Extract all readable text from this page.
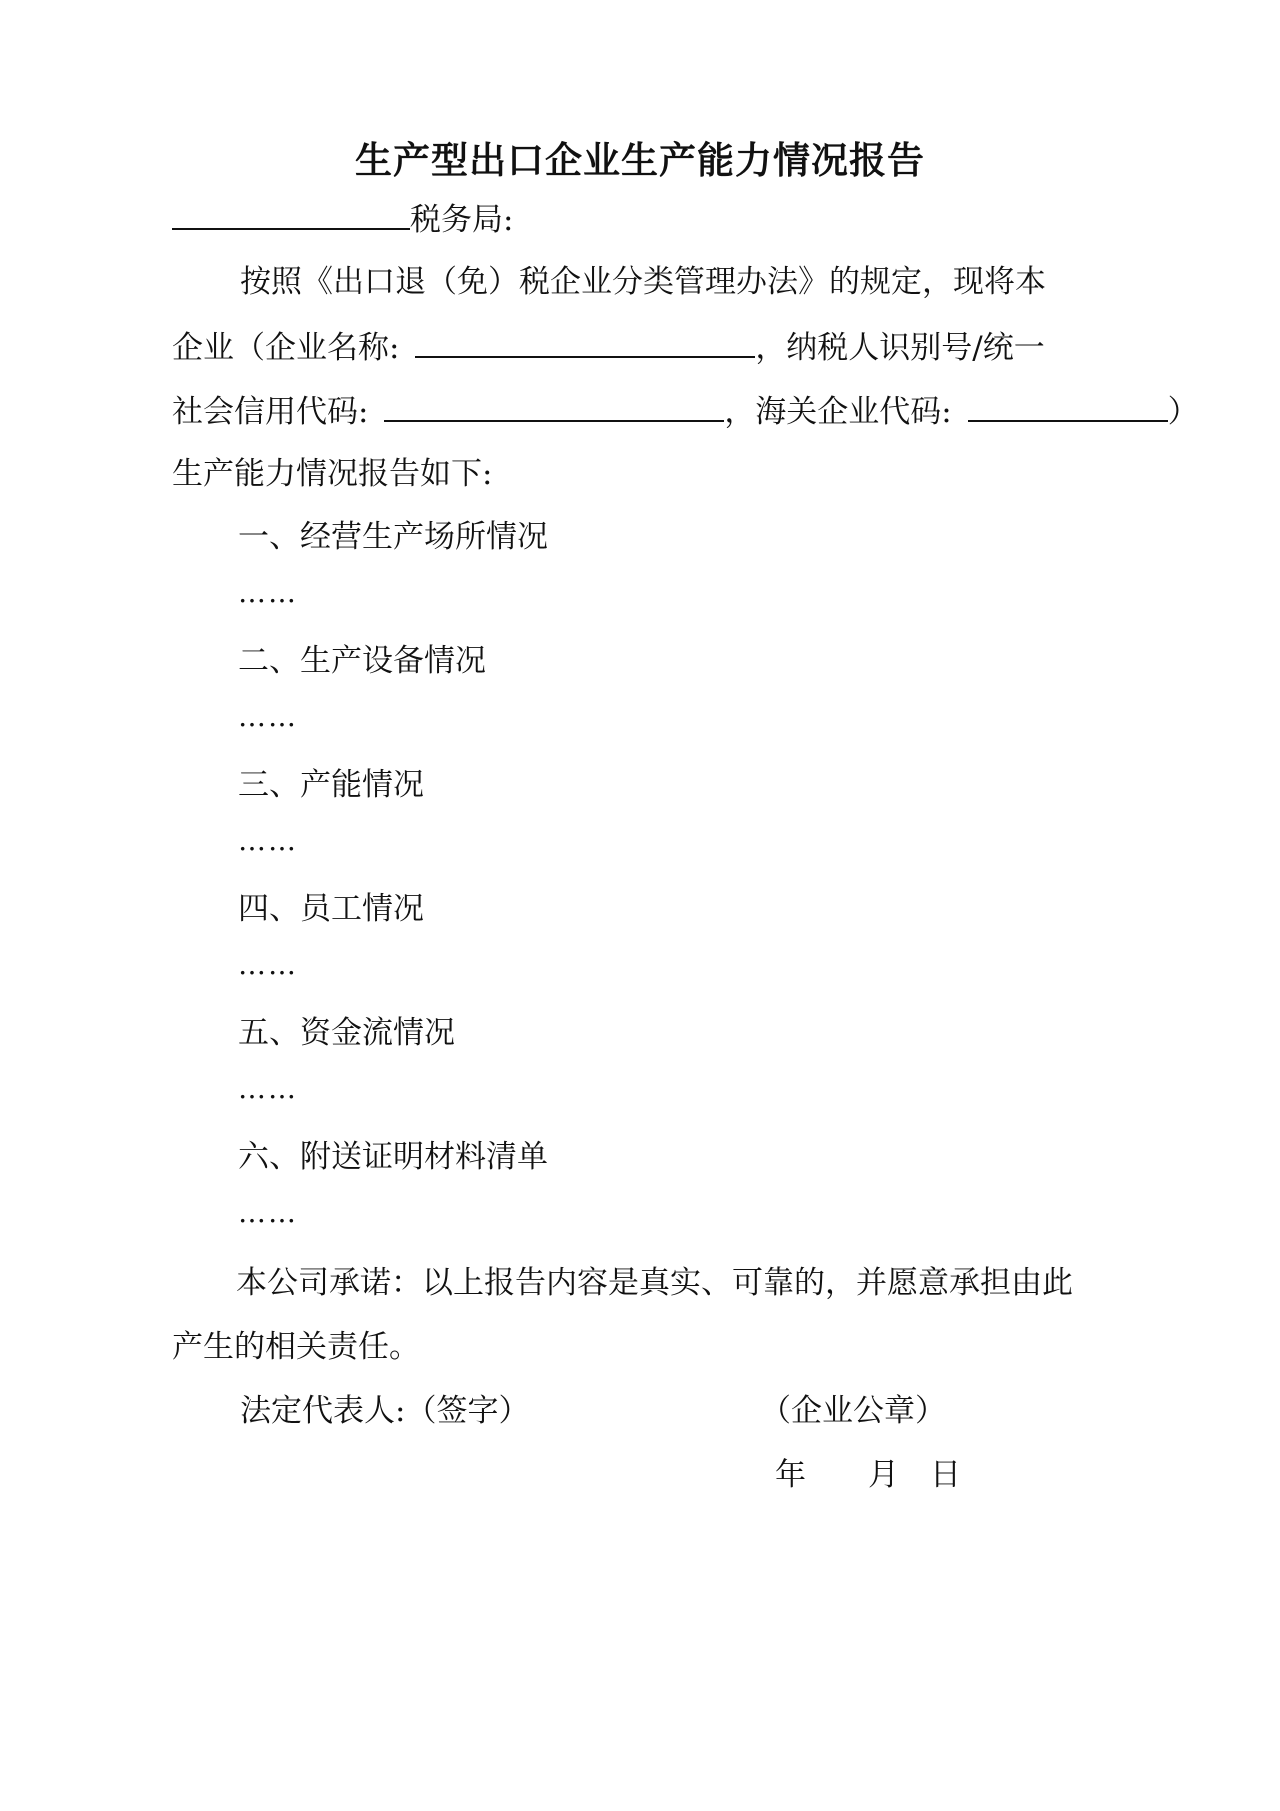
生产型出口企业生产能力情况报告
税务局:
按照《出口退（免）税企业分类管理办法》的规定，现将本
企业（企业名称:	，纳税人识别号/统一
社会信用代码:	，海关企业代码:	）
生产能力情况报告如下:
一、经营生产场所情况
……
二、生产设备情况
……
三、产能情况
……
四、员工情况
……
五、资金流情况
……
六、附送证明材料清单
……
本公司承诺：以上报告内容是真实、可靠的，并愿意承担由此
产生的相关责任。
法定代表人:（签字）	（企业公章）
年　　月　日
